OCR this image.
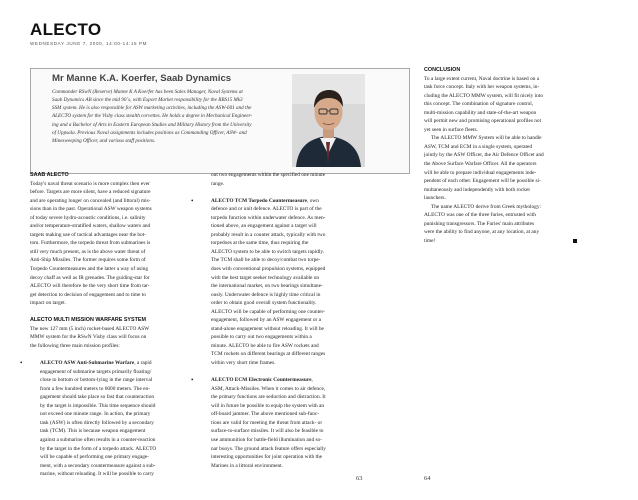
ALECTO
WEDNESDAY JUNE 7, 2000, 14:00-14:15 PM
Mr Manne K.A. Koerfer, Saab Dynamics
Commander RSwN (Reserve) Manne K A Koerfer has been Sales Manager, Naval Systems at
Saab Dynamics AB since the mid 90´s, with Export Market responsibility for the RBS15 Mk3
SSM system. He is also responsible for ASW marketing activities, including the ASW-601 and the
ALECTO system for the Visby class stealth corvettes. He holds a degree in Mechanical Engineer-
ing and a Bachelor of Arts in Eastern European Studies and Military History from the University
of Uppsala. Previous Naval assignments includes positions as Commanding Officer, ASW- and
Minesweeping Officer, and various staff positions.
SAAB ALECTO
Today's naval threat scenario is more complex then ever
before. Targets are more silent, have a reduced signature
and are operating longer on concealed (and littoral) mis-
sions than in the past. Operational ASW weapon systems
of today severe hydro-acoustic conditions, i.e. salinity
and/or temperature-stratified waters, shallow waters and
targets making use of tactical advantages near the bot-
tom. Furthermore, the torpedo threat from submarines is
still very much present, as is the above water threat of
Anti-Ship Missiles. The former requires some form of
Torpedo Countermeasures and the latter a way of using
decoy chaff as well as IR grenades. The guiding-star for
ALECTO will therefore be the very short time from tar-
get detection to decision of engagement and to time to
impact on target.
ALECTO MULTI MISSION WARFARE SYSTEM
The new 127 mm (5 inch) rocket-based ALECTO ASW
MMW system for the RSwN Visby class will focus on
the following three main mission profiles:
•	ALECTO ASW Anti-Submarine Warfare, a rapid
engagement of submarine targets primarily floating/
close to bottom or bottom-lying in the range interval
from a few hundred meters to 6000 meters. The en-
gagement should take place so fast that counteraction
by the target is impossible. This time sequence should
not exceed one minute range. In action, the primary
task (ASW) is often directly followed by a secondary
task (TCM). This is because weapon engagement
against a submarine often results in a counter-reaction
by the target in the form of a torpedo attack. ALECTO
will be capable of performing one primary engage-
ment, with a secondary countermeasure against a sub-
marine, without reloading. It will be possible to carry
out two engagements within the specified one minute
range.
•	ALECTO TCM Torpedo Countermeasure, own
defence and or unit defence. ALECTO is part of the
torpedo function within underwater defence. As men-
tioned above, an engagement against a target will
probably result in a counter attack, typically with two
torpedoes at the same time, thus requiring the
ALECTO system to be able to switch targets rapidly.
The TCM shall be able to decoy/combat two torpe-
does with conventional propulsion systems, equipped
with the best target seeker technology available on
the international market, on two bearings simultane-
ously. Underwater defence is highly time critical in
order to obtain good overall system functionality.
ALECTO will be capable of performing one counter-
engagement, followed by an ASW engagement or a
stand-alone engagement without reloading. It will be
possible to carry out two engagements within a
minute. ALECTO be able to fire ASW rockets and
TCM rockets on different bearings at different ranges
within very short time frames.
•	ALECTO ECM Electronic Countermeasure,
ASM, Attack-Missiles. When it comes to air defence,
the primary functions are seduction and distraction. It
will in future be possible to equip the system with an
off-board jammer. The above mentioned sub-func-
tions are valid for meeting the threat from attack- or
surface-to-surface missiles. It will also be feasible to
use ammunition for battle-field illumination and so-
nar buoys. The ground attack feature offers especially
interesting opportunities for joint operation with the
Marines in a littoral environment.
CONCLUSION
To a large extent current, Naval doctrine is based on a
task force concept. Italy with her weapon systems, in-
cluding the ALECTO MMW system, will fit nicely into
this concept. The combination of signature control,
multi-mission capability and state-of-the-art weapon
will permit new and promising operational profiles not
yet seen in surface fleets.
The ALECTO MMW System will be able to handle
ASW, TCM and ECM in a single system, operated
jointly by the ASW Officer, the Air Defence Officet and
the Above Surface Warfare Officer. All the operators
will be able to prepare individual engagements inde-
pendent of each other. Engagement will be possible si-
multaneously and independently with both rocket
launchers.
The name ALECTO derive from Greek mythology:
ALECTO was one of the three furies, entrusted with
punishing transgressors. The Furies' main attributes
were the ability to find anyone, at any location, at any
time!
63	64
